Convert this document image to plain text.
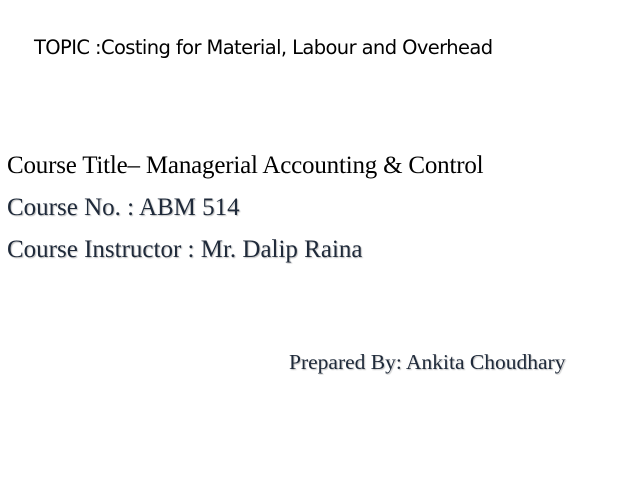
TOPIC :Costing for Material, Labour and Overhead
Course Title– Managerial Accounting & Control
Course No. : ABM 514
Course Instructor : Mr. Dalip Raina
Prepared By: Ankita Choudhary
